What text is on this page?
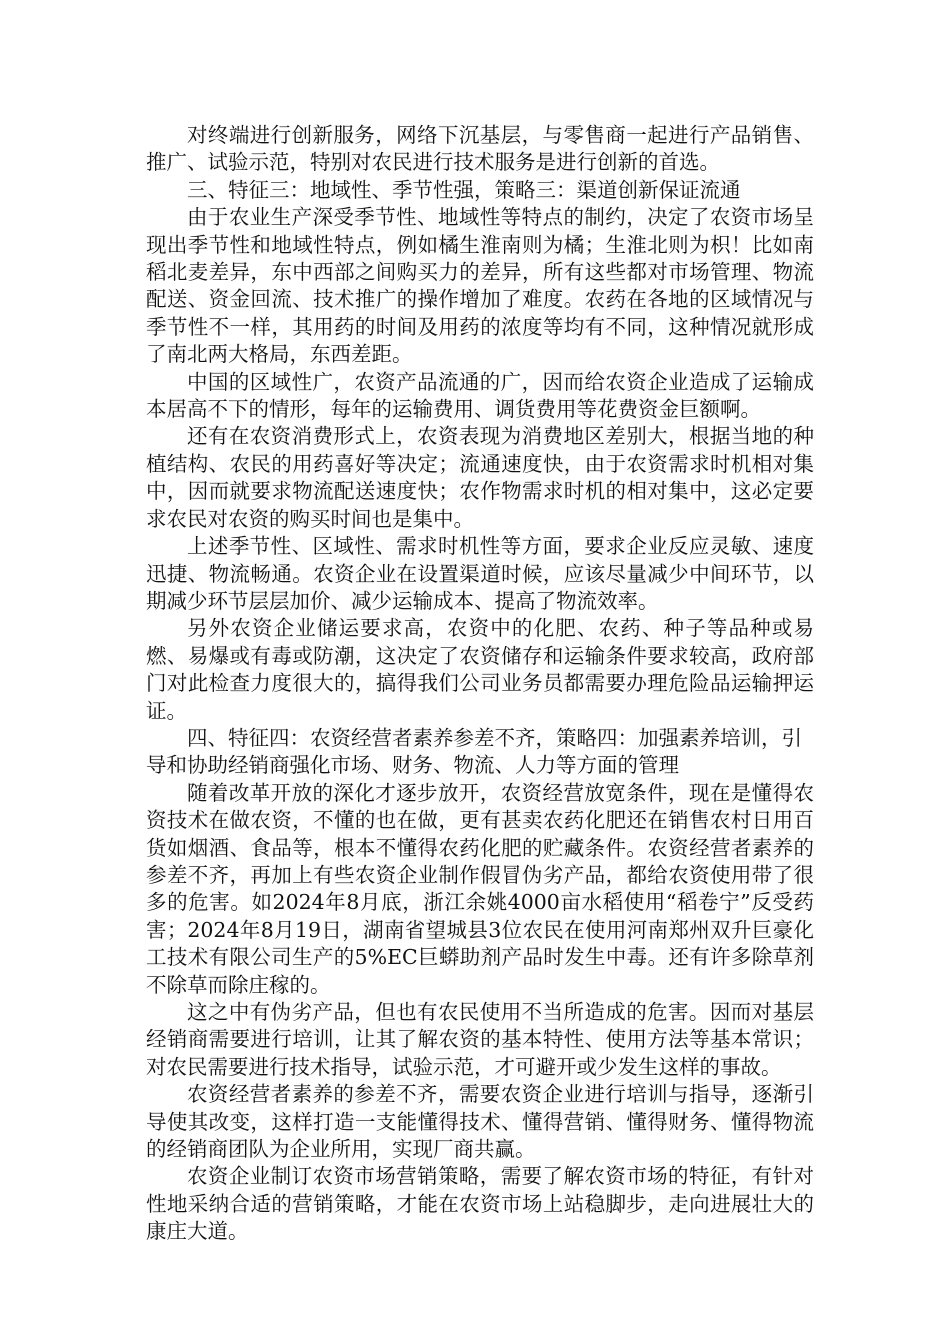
对终端进行创新服务，网络下沉基层，与零售商一起进行产品销售、推广、试验示范，特别对农民进行技术服务是进行创新的首选。

三、特征三：地域性、季节性强，策略三：渠道创新保证流通

由于农业生产深受季节性、地域性等特点的制约，决定了农资市场呈现出季节性和地域性特点，例如橘生淮南则为橘；生淮北则为枳！比如南稻北麦差异，东中西部之间购买力的差异，所有这些都对市场管理、物流配送、资金回流、技术推广的操作增加了难度。农药在各地的区域情况与季节性不一样，其用药的时间及用药的浓度等均有不同，这种情况就形成了南北两大格局，东西差距。

中国的区域性广，农资产品流通的广，因而给农资企业造成了运输成本居高不下的情形，每年的运输费用、调货费用等花费资金巨额啊。

还有在农资消费形式上，农资表现为消费地区差别大，根据当地的种植结构、农民的用药喜好等决定；流通速度快，由于农资需求时机相对集中，因而就要求物流配送速度快；农作物需求时机的相对集中，这必定要求农民对农资的购买时间也是集中。

上述季节性、区域性、需求时机性等方面，要求企业反应灵敏、速度迅捷、物流畅通。农资企业在设置渠道时候，应该尽量减少中间环节，以期减少环节层层加价、减少运输成本、提高了物流效率。

另外农资企业储运要求高，农资中的化肥、农药、种子等品种或易燃、易爆或有毒或防潮，这决定了农资储存和运输条件要求较高，政府部门对此检查力度很大的，搞得我们公司业务员都需要办理危险品运输押运证。

四、特征四：农资经营者素养参差不齐，策略四：加强素养培训，引导和协助经销商强化市场、财务、物流、人力等方面的管理

随着改革开放的深化才逐步放开，农资经营放宽条件，现在是懂得农资技术在做农资，不懂的也在做，更有甚卖农药化肥还在销售农村日用百货如烟酒、食品等，根本不懂得农药化肥的贮藏条件。农资经营者素养的参差不齐，再加上有些农资企业制作假冒伪劣产品，都给农资使用带了很多的危害。如2024年8月底，浙江余姚4000亩水稻使用“稻卷宁”反受药害；2024年8月19日，湖南省望城县3位农民在使用河南郑州双升巨豪化工技术有限公司生产的5%EC巨蟒助剂产品时发生中毒。还有许多除草剂不除草而除庄稼的。

这之中有伪劣产品，但也有农民使用不当所造成的危害。因而对基层经销商需要进行培训，让其了解农资的基本特性、使用方法等基本常识；对农民需要进行技术指导，试验示范，才可避开或少发生这样的事故。

农资经营者素养的参差不齐，需要农资企业进行培训与指导，逐渐引导使其改变，这样打造一支能懂得技术、懂得营销、懂得财务、懂得物流的经销商团队为企业所用，实现厂商共赢。

农资企业制订农资市场营销策略，需要了解农资市场的特征，有针对性地采纳合适的营销策略，才能在农资市场上站稳脚步，走向进展壮大的康庄大道。
